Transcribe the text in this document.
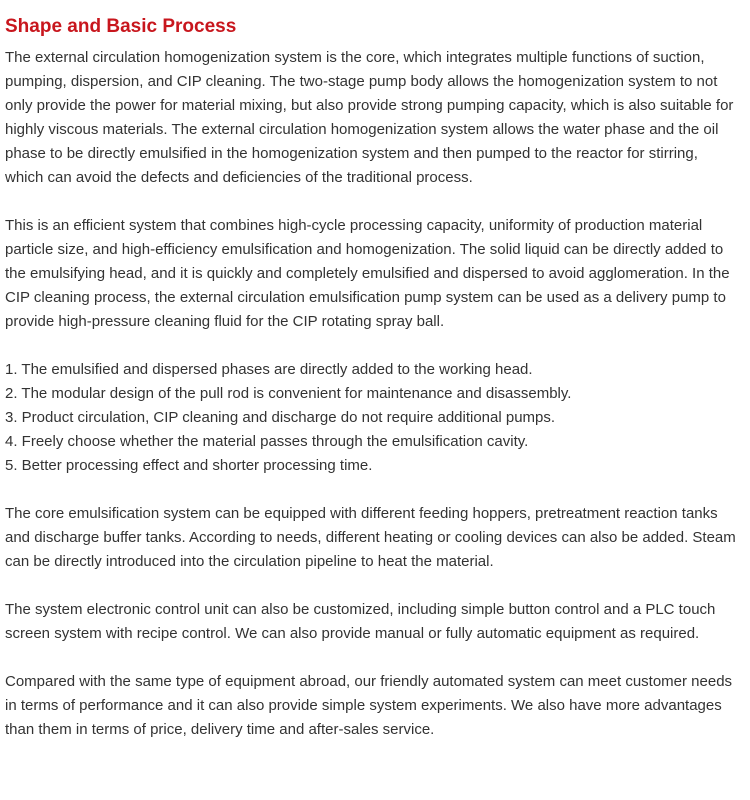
Shape and Basic Process

The external circulation homogenization system is the core, which integrates multiple functions of suction, pumping, dispersion, and CIP cleaning. The two-stage pump body allows the homogenization system to not only provide the power for material mixing, but also provide strong pumping capacity, which is also suitable for highly viscous materials. The external circulation homogenization system allows the water phase and the oil phase to be directly emulsified in the homogenization system and then pumped to the reactor for stirring, which can avoid the defects and deficiencies of the traditional process.

This is an efficient system that combines high-cycle processing capacity, uniformity of production material particle size, and high-efficiency emulsification and homogenization. The solid liquid can be directly added to the emulsifying head, and it is quickly and completely emulsified and dispersed to avoid agglomeration. In the CIP cleaning process, the external circulation emulsification pump system can be used as a delivery pump to provide high-pressure cleaning fluid for the CIP rotating spray ball.

1. The emulsified and dispersed phases are directly added to the working head.
2. The modular design of the pull rod is convenient for maintenance and disassembly.
3. Product circulation, CIP cleaning and discharge do not require additional pumps.
4. Freely choose whether the material passes through the emulsification cavity.
5. Better processing effect and shorter processing time.

The core emulsification system can be equipped with different feeding hoppers, pretreatment reaction tanks and discharge buffer tanks. According to needs, different heating or cooling devices can also be added. Steam can be directly introduced into the circulation pipeline to heat the material.

The system electronic control unit can also be customized, including simple button control and a PLC touch screen system with recipe control. We can also provide manual or fully automatic equipment as required.

Compared with the same type of equipment abroad, our friendly automated system can meet customer needs in terms of performance and it can also provide simple system experiments. We also have more advantages than them in terms of price, delivery time and after-sales service.
